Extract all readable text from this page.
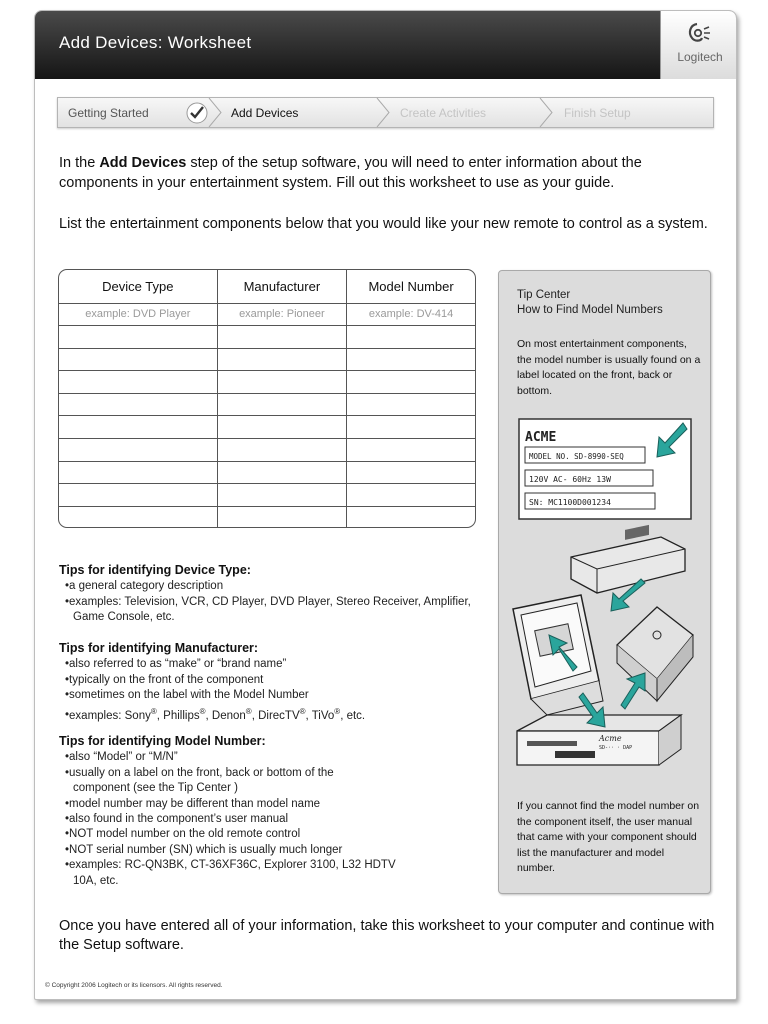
Add Devices: Worksheet
Logitech
Getting Started	Add Devices	Create Activities	Finish Setup

In the Add Devices step of the setup software, you will need to enter information about the components in your entertainment system. Fill out this worksheet to use as your guide.

List the entertainment components below that you would like your new remote to control as a system.

Device Type	Manufacturer	Model Number
example: DVD Player	example: Pioneer	example: DV-414

Tips for identifying Device Type:
• a general category description
• examples: Television, VCR, CD Player, DVD Player, Stereo Receiver, Amplifier, Game Console, etc.
Tips for identifying Manufacturer:
• also referred to as “make” or “brand name”
• typically on the front of the component
• sometimes on the label with the Model Number
• examples: Sony®, Phillips®, Denon®, DirecTV®, TiVo®, etc.
Tips for identifying Model Number:
• also “Model” or “M/N”
• usually on a label on the front, back or bottom of the component (see the Tip Center )
• model number may be different than model name
• also found in the component’s user manual
• NOT model number on the old remote control
• NOT serial number (SN) which is usually much longer
• examples: RC-QN3BK, CT-36XF36C, Explorer 3100, L32 HDTV 10A, etc.
Tip Center
How to Find Model Numbers

On most entertainment components, the model number is usually found on a label located on the front, back or bottom.

ACME
MODEL NO. SD-8990-SEQ
120V AC- 60Hz 13W
SN: MC1100D001234
Acme
SD-·· · DAP

If you cannot find the model number on the component itself, the user manual that came with your component should list the manufacturer and model number.

Once you have entered all of your information, take this worksheet to your computer and continue with the Setup software.

© Copyright 2006 Logitech or its licensors. All rights reserved.
